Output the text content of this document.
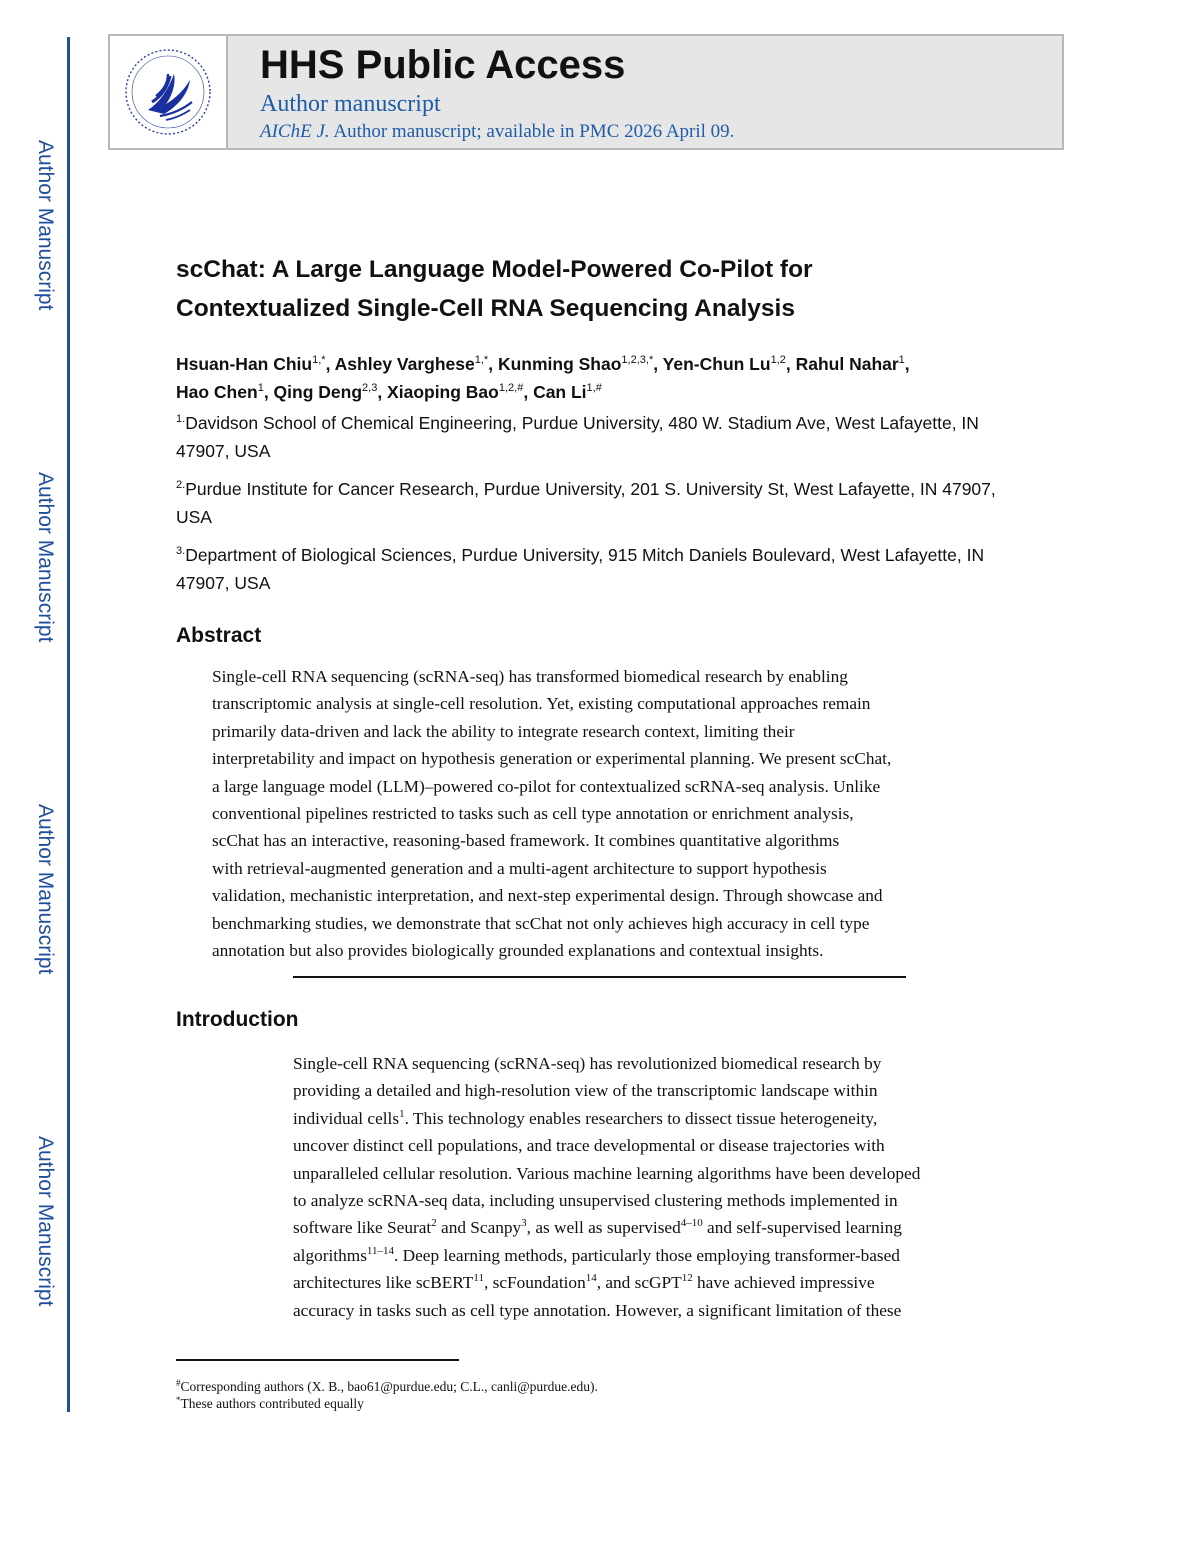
Author Manuscript
Author Manuscript
Author Manuscript
Author Manuscript
HHS Public Access
Author manuscript
AIChE J. Author manuscript; available in PMC 2026 April 09.
scChat: A Large Language Model-Powered Co-Pilot for
Contextualized Single-Cell RNA Sequencing Analysis
Hsuan-Han Chiu$^{1,*}$, Ashley Varghese$^{1,*}$, Kunming Shao$^{1,2,3,*}$, Yen-Chun Lu$^{1,2}$, Rahul Nahar$^1$,
Hao Chen$^1$, Qing Deng$^{2,3}$, Xiaoping Bao$^{1,2,\#}$, Can $Li^{1,\#}$
$^{1.}$Davidson School of Chemical Engineering, Purdue University, 480 W. Stadium Ave, West Lafayette, IN 47907, USA
$^{2.}$Purdue Institute for Cancer Research, Purdue University, 201 S. University St, West Lafayette, IN 47907, USA
$^{3.}$Department of Biological Sciences, Purdue University, 915 Mitch Daniels Boulevard, West Lafayette, IN 47907, USA
Abstract
Single-cell RNA sequencing (scRNA-seq) has transformed biomedical research by enabling
transcriptomic analysis at single-cell resolution. Yet, existing computational approaches remain
primarily data-driven and lack the ability to integrate research context, limiting their
interpretability and impact on hypothesis generation or experimental planning. We present scChat,
a large language model (LLM)–powered co-pilot for contextualized scRNA-seq analysis. Unlike
conventional pipelines restricted to tasks such as cell type annotation or enrichment analysis,
scChat has an interactive, reasoning-based framework. It combines quantitative algorithms
with retrieval-augmented generation and a multi-agent architecture to support hypothesis
validation, mechanistic interpretation, and next-step experimental design. Through showcase and
benchmarking studies, we demonstrate that scChat not only achieves high accuracy in cell type
annotation but also provides biologically grounded explanations and contextual insights.
Introduction
Single-cell RNA sequencing (scRNA-seq) has revolutionized biomedical research by
providing a detailed and high-resolution view of the transcriptomic landscape within
individual cells$^1$. This technology enables researchers to dissect tissue heterogeneity,
uncover distinct cell populations, and trace developmental or disease trajectories with
unparalleled cellular resolution. Various machine learning algorithms have been developed
to analyze scRNA-seq data, including unsupervised clustering methods implemented in
software like Seurat$^2$ and Scanpy$^3$, as well as supervised$^{4-10}$ and self-supervised learning
algorithms$^{11-14}$. Deep learning methods, particularly those employing transformer-based
architectures like scBERT$^{11}$, scFoundation$^{14}$, and scGPT$^{12}$ have achieved impressive
accuracy in tasks such as cell type annotation. However, a significant limitation of these
#Corresponding authors (X. B., bao61@purdue.edu; C.L., canli@purdue.edu).
*These authors contributed equally
